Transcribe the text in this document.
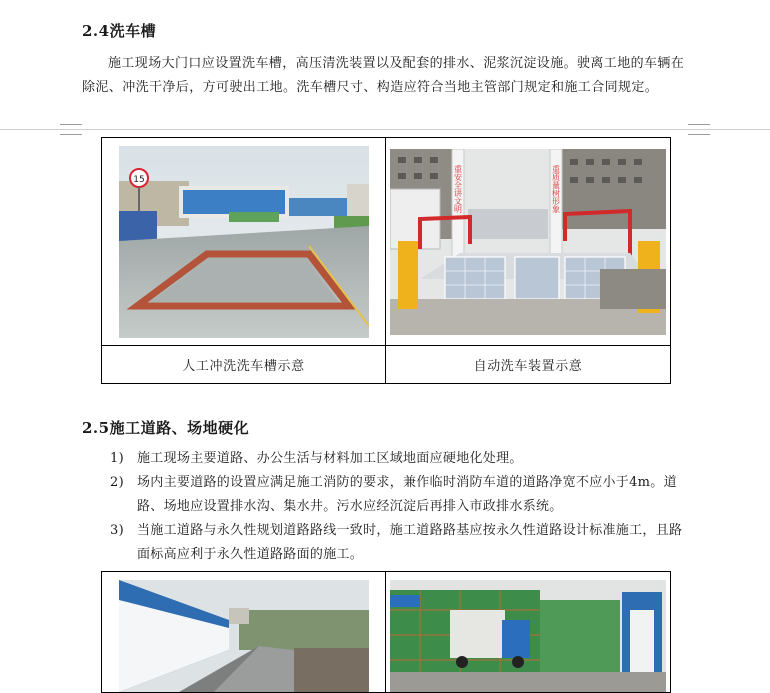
2.4洗车槽

施工现场大门口应设置洗车槽，高压清洗装置以及配套的排水、泥浆沉淀设施。驶离工地的车辆在除泥、冲洗干净后，方可驶出工地。洗车槽尺寸、构造应符合当地主管部门规定和施工合同规定。

15	重安全讲文明 重质量树形象

人工冲洗洗车槽示意	自动洗车装置示意
2.5施工道路、场地硬化
1) 施工现场主要道路、办公生活与材料加工区域地面应硬地化处理。
2) 场内主要道路的设置应满足施工消防的要求，兼作临时消防车道的道路净宽不应小于4m。道路、场地应设置排水沟、集水井。污水应经沉淀后再排入市政排水系统。
3) 当施工道路与永久性规划道路路线一致时，施工道路路基应按永久性道路设计标准施工，且路面标高应利于永久性道路路面的施工。
